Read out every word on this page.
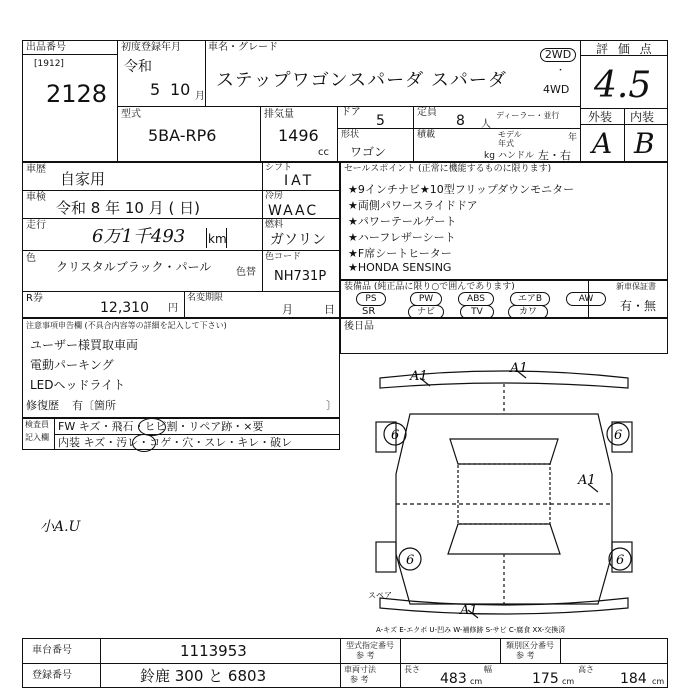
出品番号
[1912]
2128
初度登録年月
令和
5 10 月
車名・グレード
ステップワゴンスパーダ スパーダ
2WD
・
4WD
評 価 点
4.5
型式
5BA-RP6
排気量
1496
cc
ドア
5
定員
8 人
ディーラー・並行
形状
ワゴン
積載	モデル年式
年
kg ハンドル 左・右
外装 内装
A B
車歴
自家用
車検
令和 8 年 10 月 ( 日)
走行
6万1千493 km
色
クリスタルブラック・パール	色替
シフト
IAT
冷房
WAAC
燃料
ガソリン
色コード
NH731P
R券
12,310 円
名変期限
月	日
セールスポイント (正常に機能するものに限ります)
★9インチナビ★10型フリップダウンモニター
★両側パワースライドドア
★パワーテールゲート
★ハーフレザーシート
★F席シートヒーター
★HONDA SENSING
装備品 (純正品に限り○で囲んであります)
PS	PW	ABS	エアB	AW
SR	ナビ	TV	カワ
新車保証書
有・無
注意事項申告欄 (不具合内容等の詳細を記入して下さい)
ユーザー様買取車両
電動パーキング
LEDヘッドライト
修復歴 有〔箇所	〕
検査員
記入欄
FW キズ・飛石・ヒビ割・リペア跡・×要
内装 キズ・汚レ・コゲ・穴・スレ・キレ・破レ
小A.U
後日品
A1
A1
A1
A1
6
6
6	6
スペア
A-キズ E-エクボ U-凹み W-補修跡 S-サビ C-腐食 XX-交換済
車台番号	1113953
登録番号	鈴鹿 300 と 6803
型式指定番号
参 考
類別区分番号
参 考
車両寸法
参 考
長さ
483 cm
幅
175 cm
高さ
184 cm
